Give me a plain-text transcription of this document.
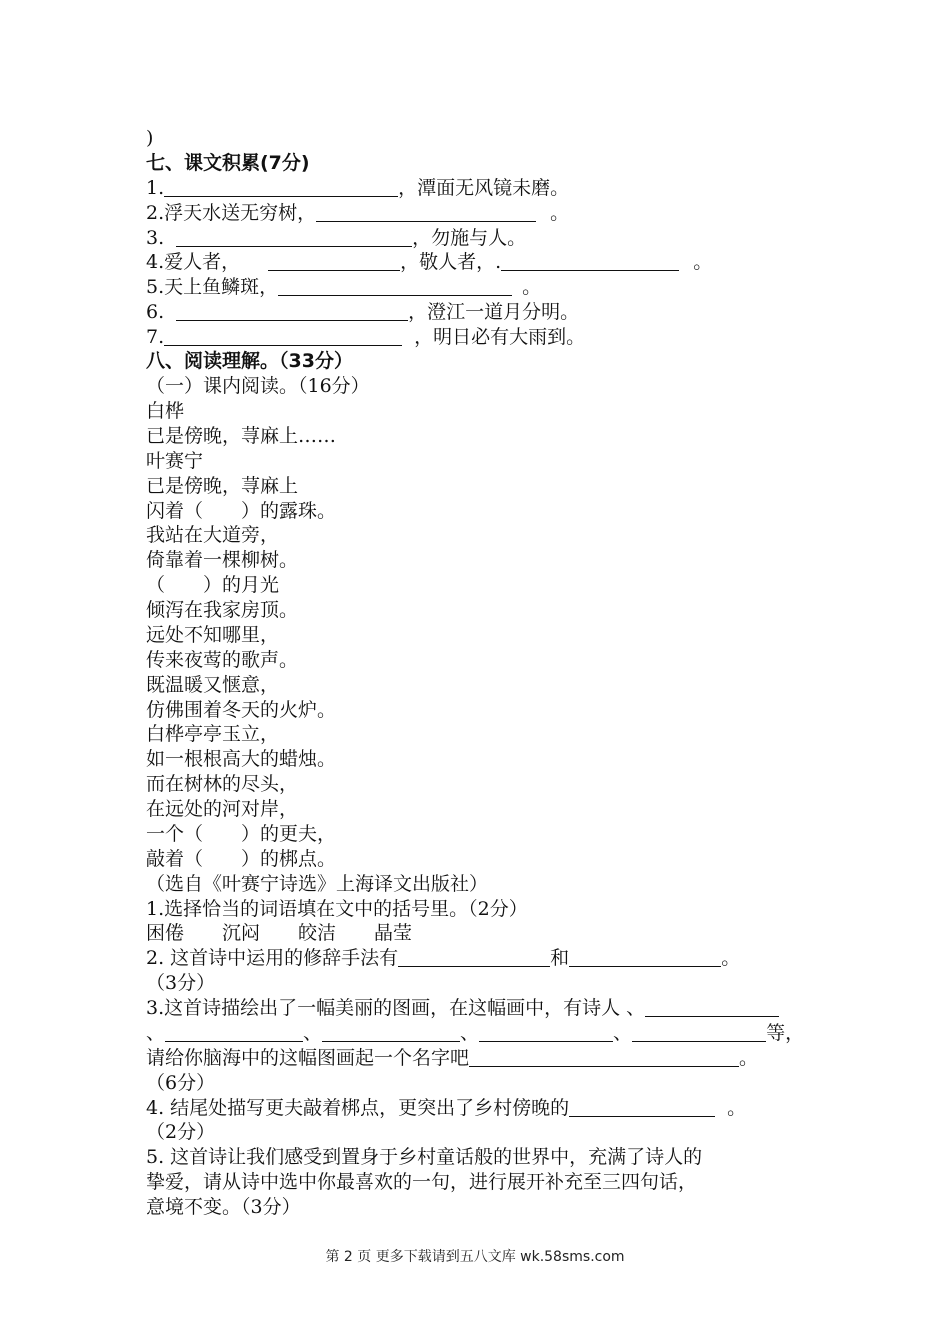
)
七、课文积累(7分)
1.	，潭面无风镜未磨。
2.浮天水送无穷树，	。
3.	，勿施与人。
4.爱人者，	，敬人者，.	。
5.天上鱼鳞斑，	。
6.	，澄江一道月分明。
7.	，明日必有大雨到。
八、阅读理解。（33分）
（一）课内阅读。（16分）
白桦
已是傍晚，荨麻上……
叶赛宁
已是傍晚，荨麻上
闪着（　　）的露珠。
我站在大道旁，
倚靠着一棵柳树。
（　　）的月光
倾泻在我家房顶。
远处不知哪里，
传来夜莺的歌声。
既温暖又惬意，
仿佛围着冬天的火炉。
白桦亭亭玉立，
如一根根高大的蜡烛。
而在树林的尽头，
在远处的河对岸，
一个（　　）的更夫，
敲着（　　）的梆点。
（选自《叶赛宁诗选》上海译文出版社）
1.选择恰当的词语填在文中的括号里。（2分）
困倦 沉闷 皎洁 晶莹
2. 这首诗中运用的修辞手法有	和	。
（3分）
3.这首诗描绘出了一幅美丽的图画，在这幅画中，有诗人 、
、	、	、	、	等，
请给你脑海中的这幅图画起一个名字吧	。
（6分）
4. 结尾处描写更夫敲着梆点，更突出了乡村傍晚的	。
（2分）
5. 这首诗让我们感受到置身于乡村童话般的世界中，充满了诗人的
挚爱，请从诗中选中你最喜欢的一句，进行展开补充至三四句话，
意境不变。（3分）
第 2 页 更多下载请到五八文库 wk.58sms.com
